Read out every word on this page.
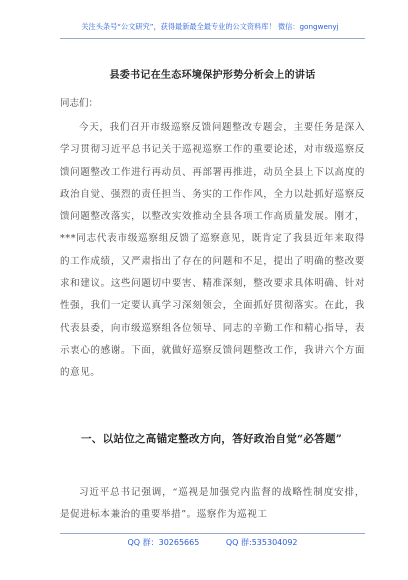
关注头条号“公文研究”，获得最新最全最专业的公文资料库！ 微信：gongwenyj
县委书记在生态环境保护形势分析会上的讲话
同志们：
今天，我们召开市级巡察反馈问题整改专题会，主要任务是深入学习贯彻习近平总书记关于巡视巡察工作的重要论述，对市级巡察反馈问题整改工作进行再动员、再部署再推进，动员全县上下以高度的政治自觉、强烈的责任担当、务实的工作作风，全力以赴抓好巡察反馈问题整改落实，以整改实效推动全县各项工作高质量发展。刚才，***同志代表市级巡察组反馈了巡察意见，既肯定了我县近年来取得的工作成绩，又严肃指出了存在的问题和不足，提出了明确的整改要求和建议。这些问题切中要害、精准深刻，整改要求具体明确、针对性强，我们一定要认真学习深刻领会，全面抓好贯彻落实。在此，我代表县委，向市级巡察组各位领导、同志的辛勤工作和精心指导，表示衷心的感谢。下面，就做好巡察反馈问题整改工作，我讲六个方面的意见。
一、以站位之高锚定整改方向，答好政治自觉“必答题”
习近平总书记强调，“巡视是加强党内监督的战略性制度安排，是促进标本兼治的重要举措”。巡察作为巡视工
QQ 群：30265665	QQ 群:535304092
